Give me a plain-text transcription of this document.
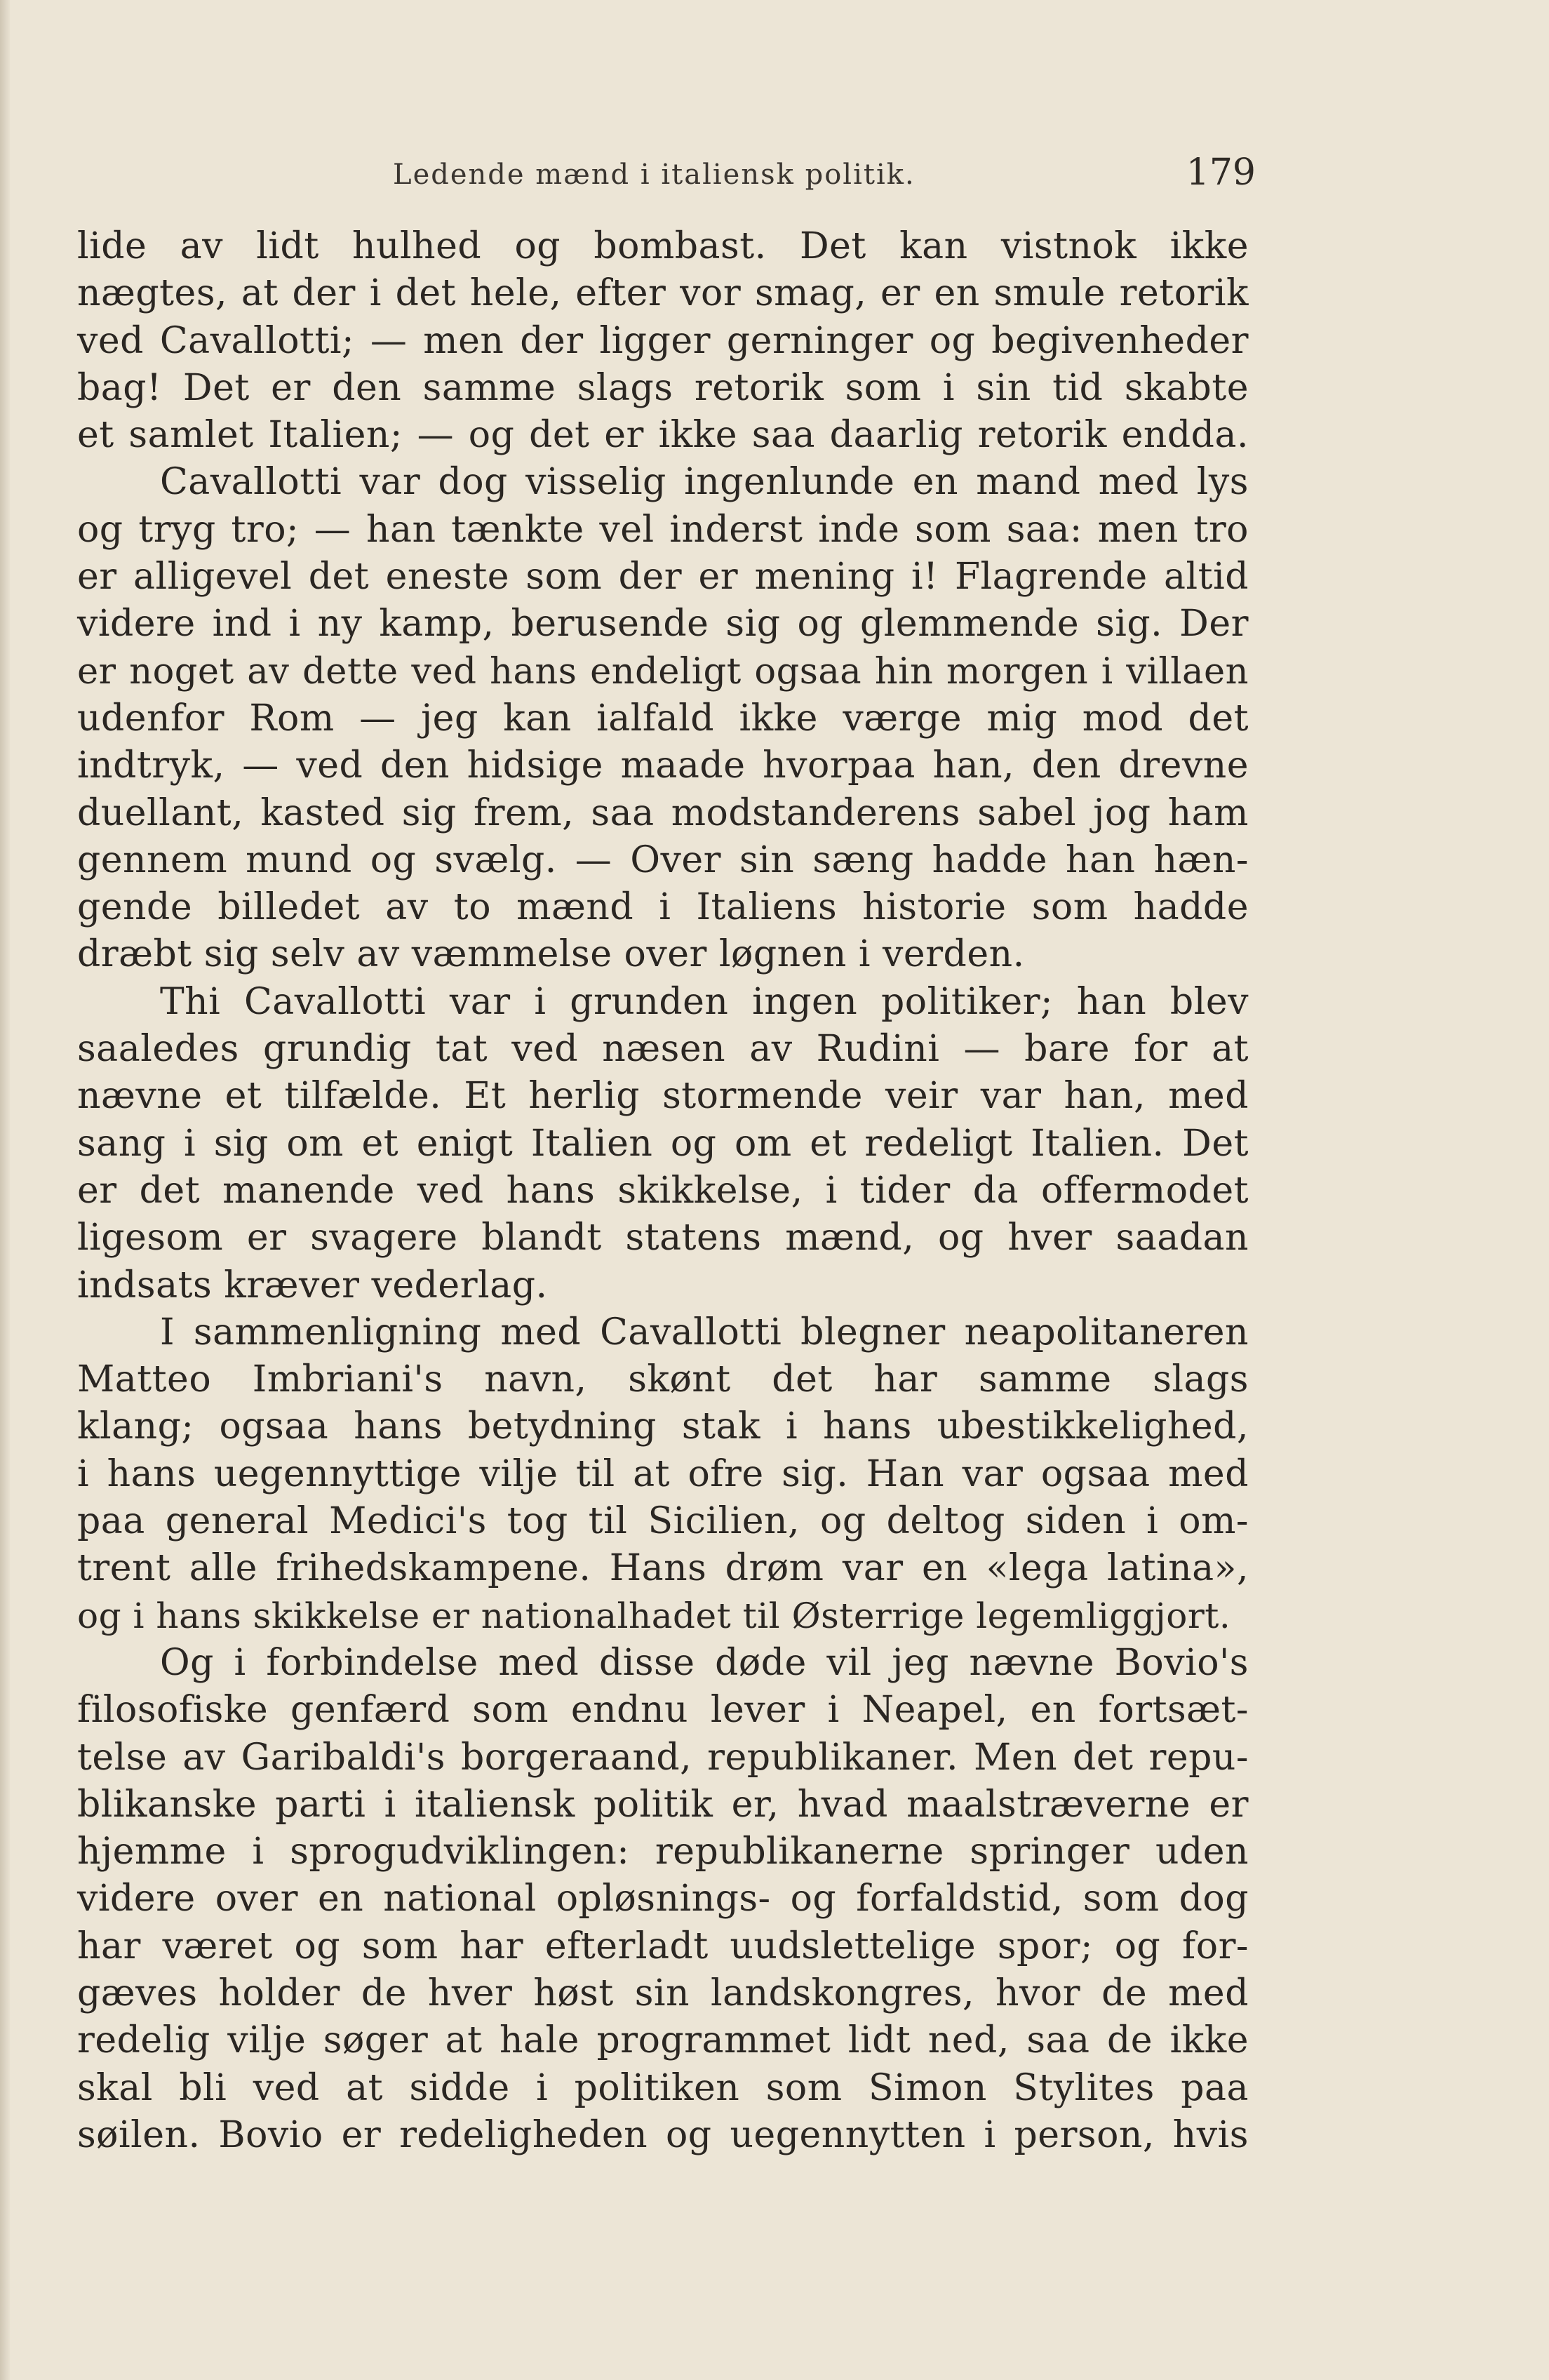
Ledende mænd i italiensk politik.	179
lide av lidt hulhed og bombast. Det kan vistnok ikke
nægtes, at der i det hele, efter vor smag, er en smule retorik
ved Cavallotti; — men der ligger gerninger og begivenheder
bag! Det er den samme slags retorik som i sin tid skabte
et samlet Italien; — og det er ikke saa daarlig retorik endda.
Cavallotti var dog visselig ingenlunde en mand med lys
og tryg tro; — han tænkte vel inderst inde som saa: men tro
er alligevel det eneste som der er mening i! Flagrende altid
videre ind i ny kamp, berusende sig og glemmende sig. Der
er noget av dette ved hans endeligt ogsaa hin morgen i villaen
udenfor Rom — jeg kan ialfald ikke værge mig mod det
indtryk, — ved den hidsige maade hvorpaa han, den drevne
duellant, kasted sig frem, saa modstanderens sabel jog ham
gennem mund og svælg. — Over sin sæng hadde han hæn-
gende billedet av to mænd i Italiens historie som hadde
dræbt sig selv av væmmelse over løgnen i verden.
Thi Cavallotti var i grunden ingen politiker; han blev
saaledes grundig tat ved næsen av Rudini — bare for at
nævne et tilfælde. Et herlig stormende veir var han, med
sang i sig om et enigt Italien og om et redeligt Italien. Det
er det manende ved hans skikkelse, i tider da offermodet
ligesom er svagere blandt statens mænd, og hver saadan
indsats kræver vederlag.
I sammenligning med Cavallotti blegner neapolitaneren
Matteo Imbriani's navn, skønt det har samme slags
klang; ogsaa hans betydning stak i hans ubestikkelighed,
i hans uegennyttige vilje til at ofre sig. Han var ogsaa med
paa general Medici's tog til Sicilien, og deltog siden i om-
trent alle frihedskampene. Hans drøm var en «lega latina»,
og i hans skikkelse er nationalhadet til Østerrige legemliggjort.
Og i forbindelse med disse døde vil jeg nævne Bovio's
filosofiske genfærd som endnu lever i Neapel, en fortsæt-
telse av Garibaldi's borgeraand, republikaner. Men det repu-
blikanske parti i italiensk politik er, hvad maalstræverne er
hjemme i sprogudviklingen: republikanerne springer uden
videre over en national opløsnings- og forfaldstid, som dog
har været og som har efterladt uudslettelige spor; og for-
gæves holder de hver høst sin landskongres, hvor de med
redelig vilje søger at hale programmet lidt ned, saa de ikke
skal bli ved at sidde i politiken som Simon Stylites paa
søilen. Bovio er redeligheden og uegennytten i person, hvis
